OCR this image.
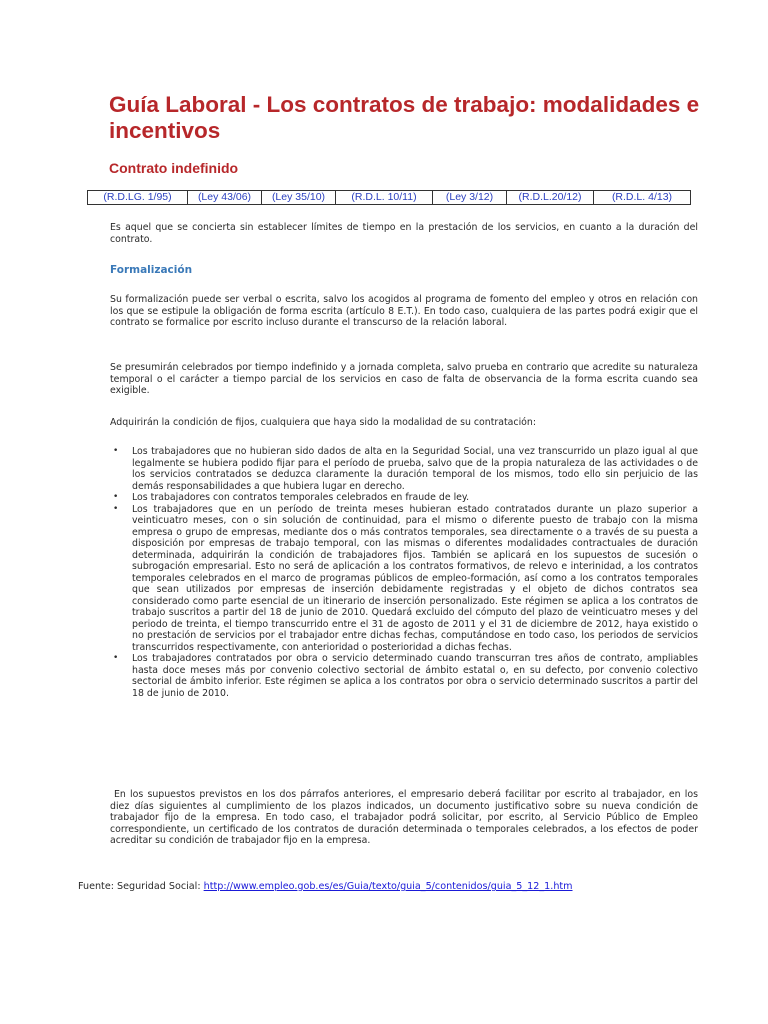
Guía Laboral - Los contratos de trabajo: modalidades e incentivos
Contrato indefinido
(R.D.LG. 1/95)	(Ley 43/06)	(Ley 35/10)	(R.D.L. 10/11)	(Ley 3/12)	(R.D.L.20/12)	(R.D.L. 4/13)

Es aquel que se concierta sin establecer límites de tiempo en la prestación de los servicios, en cuanto a la duración del contrato.

Formalización

Su formalización puede ser verbal o escrita, salvo los acogidos al programa de fomento del empleo y otros en relación con los que se estipule la obligación de forma escrita (artículo 8 E.T.). En todo caso, cualquiera de las partes podrá exigir que el contrato se formalice por escrito incluso durante el transcurso de la relación laboral.

Se presumirán celebrados por tiempo indefinido y a jornada completa, salvo prueba en contrario que acredite su naturaleza temporal o el carácter a tiempo parcial de los servicios en caso de falta de observancia de la forma escrita cuando sea exigible.

Adquirirán la condición de fijos, cualquiera que haya sido la modalidad de su contratación:

• Los trabajadores que no hubieran sido dados de alta en la Seguridad Social, una vez transcurrido un plazo igual al que legalmente se hubiera podido fijar para el período de prueba, salvo que de la propia naturaleza de las actividades o de los servicios contratados se deduzca claramente la duración temporal de los mismos, todo ello sin perjuicio de las demás responsabilidades a que hubiera lugar en derecho.
• Los trabajadores con contratos temporales celebrados en fraude de ley.
• Los trabajadores que en un período de treinta meses hubieran estado contratados durante un plazo superior a veinticuatro meses, con o sin solución de continuidad, para el mismo o diferente puesto de trabajo con la misma empresa o grupo de empresas, mediante dos o más contratos temporales, sea directamente o a través de su puesta a disposición por empresas de trabajo temporal, con las mismas o diferentes modalidades contractuales de duración determinada, adquirirán la condición de trabajadores fijos. También se aplicará en los supuestos de sucesión o subrogación empresarial. Esto no será de aplicación a los contratos formativos, de relevo e interinidad, a los contratos temporales celebrados en el marco de programas públicos de empleo-formación, así como a los contratos temporales que sean utilizados por empresas de inserción debidamente registradas y el objeto de dichos contratos sea considerado como parte esencial de un itinerario de inserción personalizado. Este régimen se aplica a los contratos de trabajo suscritos a partir del 18 de junio de 2010. Quedará excluido del cómputo del plazo de veinticuatro meses y del periodo de treinta, el tiempo transcurrido entre el 31 de agosto de 2011 y el 31 de diciembre de 2012, haya existido o no prestación de servicios por el trabajador entre dichas fechas, computándose en todo caso, los periodos de servicios transcurridos respectivamente, con anterioridad o posterioridad a dichas fechas.
• Los trabajadores contratados por obra o servicio determinado cuando transcurran tres años de contrato, ampliables hasta doce meses más por convenio colectivo sectorial de ámbito estatal o, en su defecto, por convenio colectivo sectorial de ámbito inferior. Este régimen se aplica a los contratos por obra o servicio determinado suscritos a partir del 18 de junio de 2010.

En los supuestos previstos en los dos párrafos anteriores, el empresario deberá facilitar por escrito al trabajador, en los diez días siguientes al cumplimiento de los plazos indicados, un documento justificativo sobre su nueva condición de trabajador fijo de la empresa. En todo caso, el trabajador podrá solicitar, por escrito, al Servicio Público de Empleo correspondiente, un certificado de los contratos de duración determinada o temporales celebrados, a los efectos de poder acreditar su condición de trabajador fijo en la empresa.

Fuente: Seguridad Social: http://www.empleo.gob.es/es/Guia/texto/guia_5/contenidos/guia_5_12_1.htm
